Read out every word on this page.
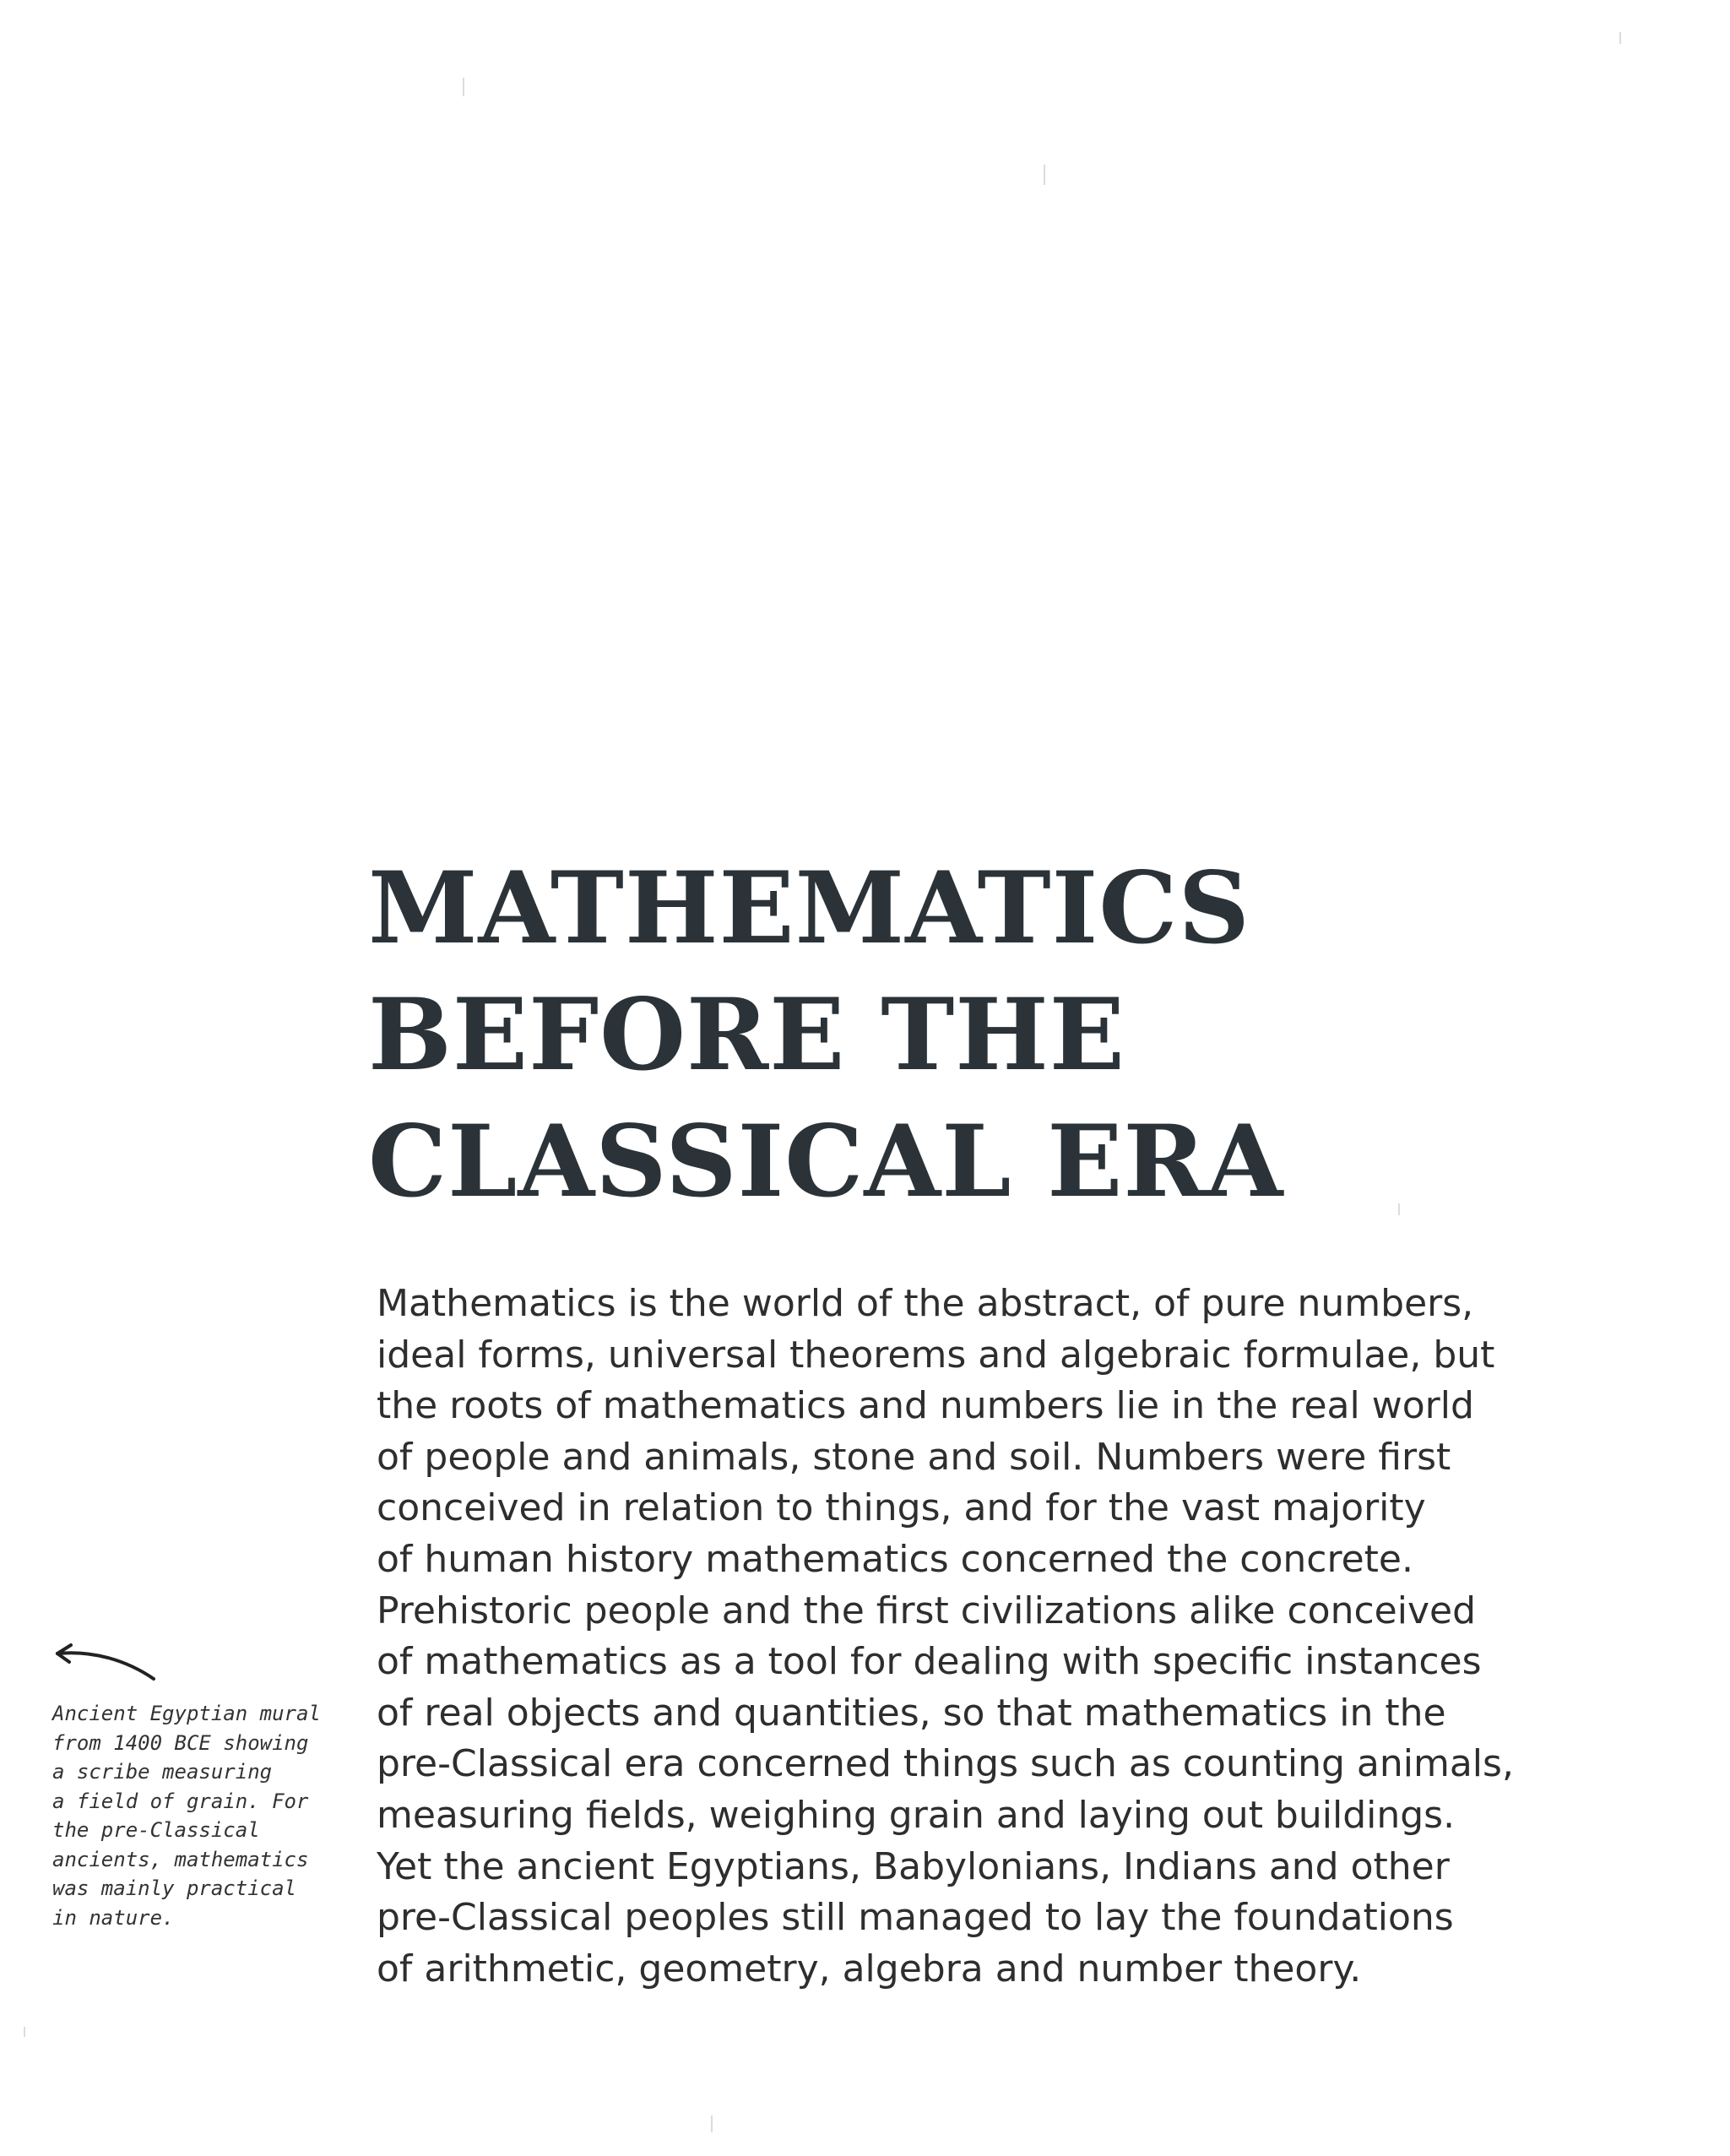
MATHEMATICS
BEFORE THE
CLASSICAL ERA
Mathematics is the world of the abstract, of pure numbers,
ideal forms, universal theorems and algebraic formulae, but
the roots of mathematics and numbers lie in the real world
of people and animals, stone and soil. Numbers were first
conceived in relation to things, and for the vast majority
of human history mathematics concerned the concrete.
Prehistoric people and the first civilizations alike conceived
of mathematics as a tool for dealing with specific instances
of real objects and quantities, so that mathematics in the
pre-Classical era concerned things such as counting animals,
measuring fields, weighing grain and laying out buildings.
Yet the ancient Egyptians, Babylonians, Indians and other
pre-Classical peoples still managed to lay the foundations
of arithmetic, geometry, algebra and number theory.
Ancient Egyptian mural
from 1400 BCE showing
a scribe measuring
a field of grain. For
the pre-Classical
ancients, mathematics
was mainly practical
in nature.
